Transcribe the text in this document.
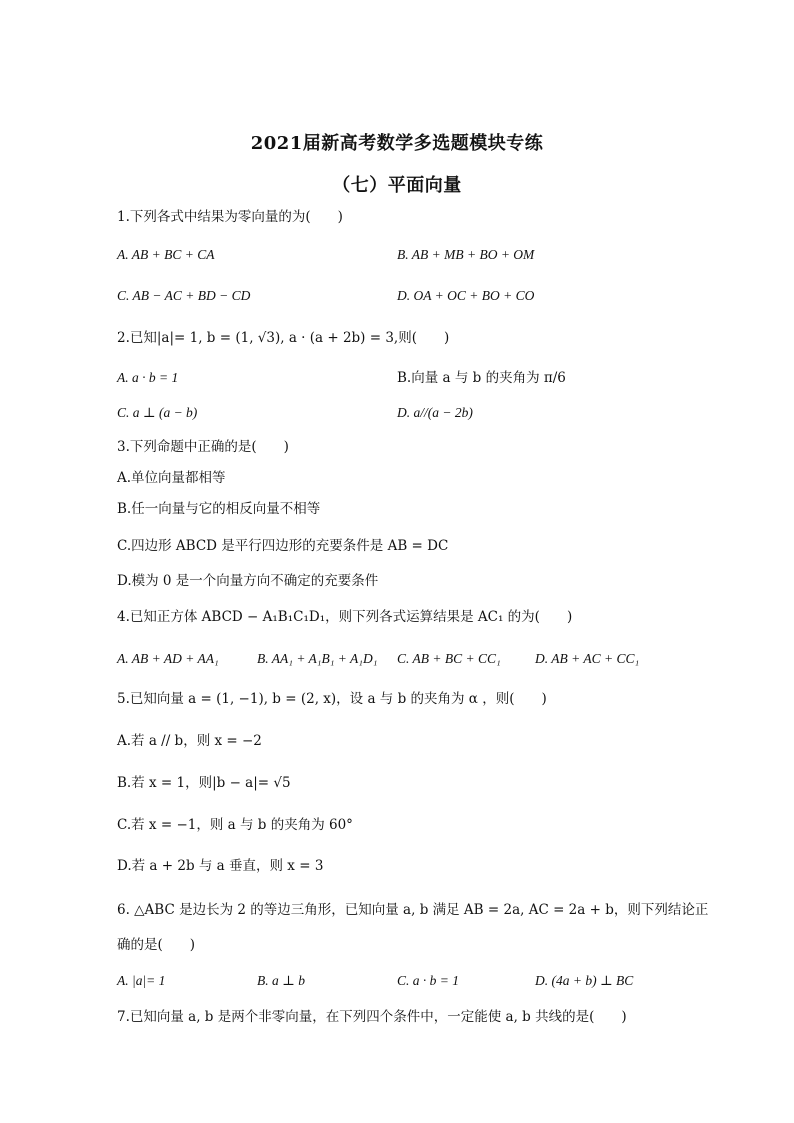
2021届新高考数学多选题模块专练
（七）平面向量
1.下列各式中结果为零向量的为(　　)
A. AB + BC + CA	B. AB + MB + BO + OM
C. AB − AC + BD − CD	D. OA + OC + BO + CO
2.已知|a|= 1, b = (1, √3), a · (a + 2b) = 3,则(　　)
A. a · b = 1	B.向量 a 与 b 的夹角为 π/6
C. a ⊥ (a − b)	D. a//(a − 2b)
3.下列命题中正确的是(　　)
A.单位向量都相等
B.任一向量与它的相反向量不相等
C.四边形 ABCD 是平行四边形的充要条件是 AB = DC
D.模为 0 是一个向量方向不确定的充要条件
4.已知正方体 ABCD − A₁B₁C₁D₁，则下列各式运算结果是 AC₁ 的为(　　)
A. AB + AD + AA₁	B. AA₁ + A₁B₁ + A₁D₁ C. AB + BC + CC₁	D. AB + AC + CC₁
5.已知向量 a = (1, −1), b = (2, x)，设 a 与 b 的夹角为 α ，则(　　)
A.若 a // b，则 x = −2
B.若 x = 1，则|b − a|= √5
C.若 x = −1，则 a 与 b 的夹角为 60°
D.若 a + 2b 与 a 垂直，则 x = 3
6. △ABC 是边长为 2 的等边三角形，已知向量 a, b 满足 AB = 2a, AC = 2a + b，则下列结论正
确的是(　　)
A. |a|= 1	B. a ⊥ b	C. a · b = 1	D. (4a + b) ⊥ BC
7.已知向量 a, b 是两个非零向量，在下列四个条件中，一定能使 a, b 共线的是(　　)
